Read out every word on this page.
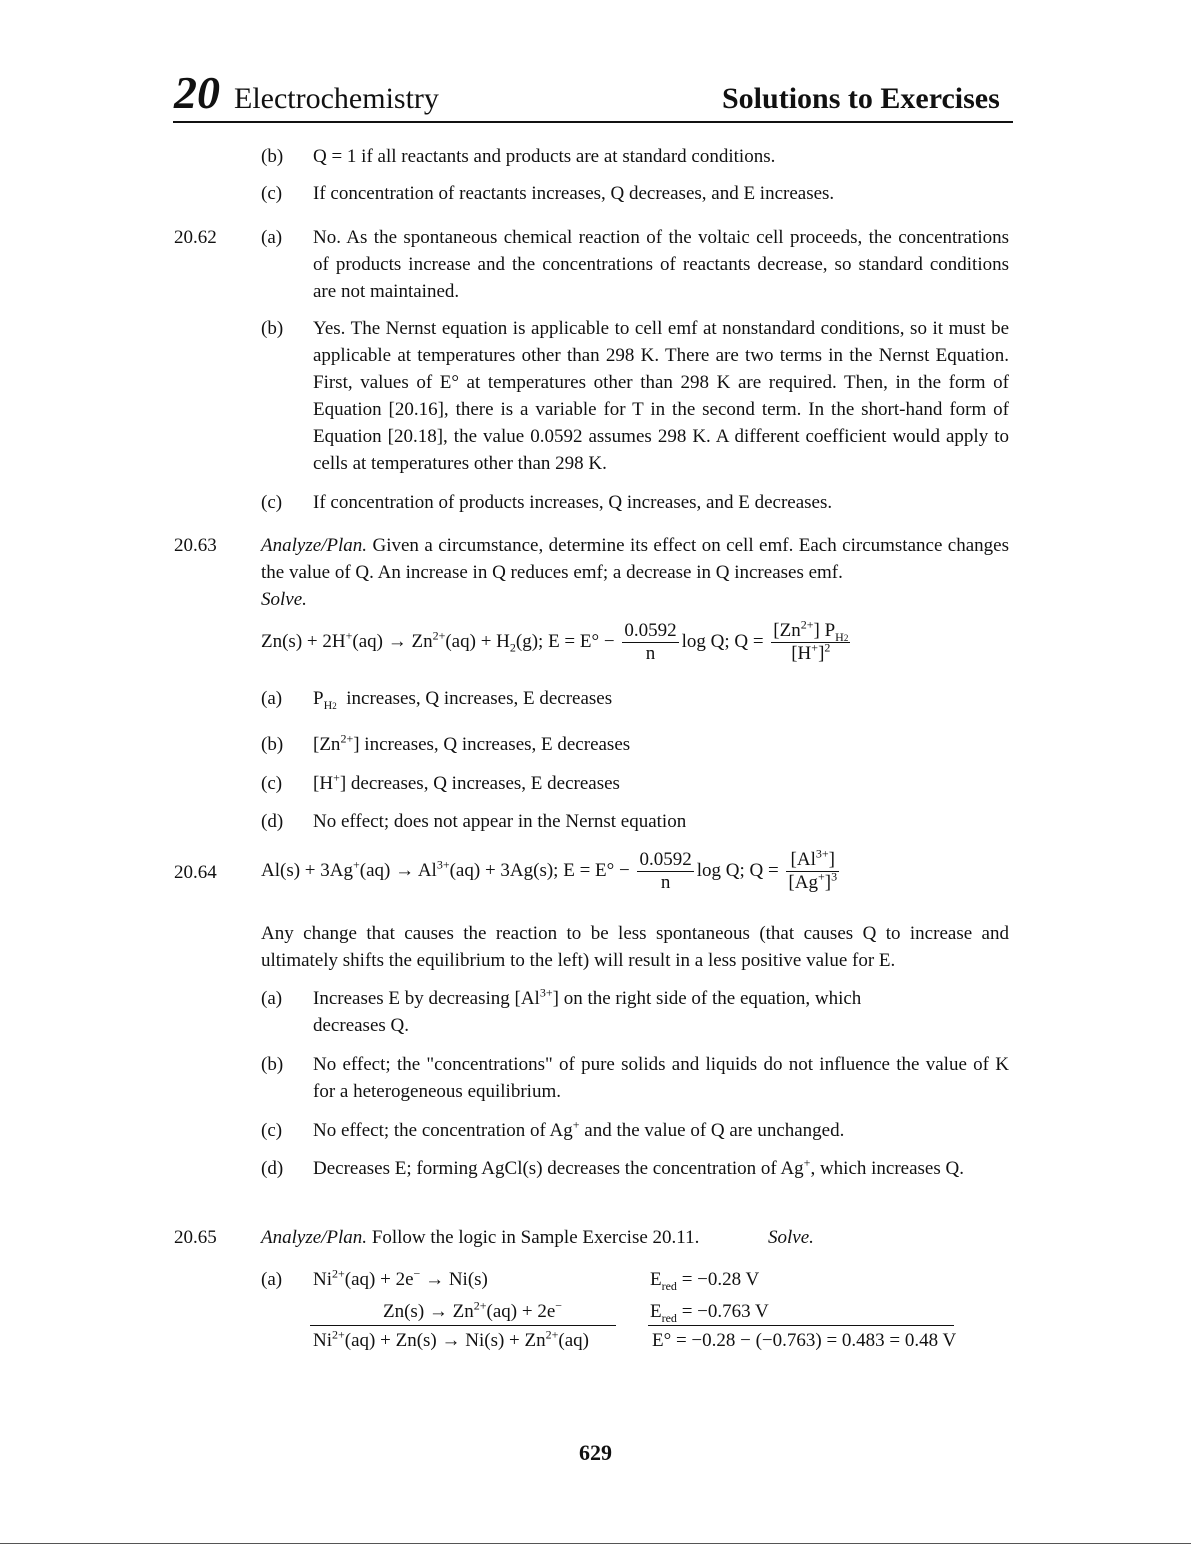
20 Electrochemistry	Solutions to Exercises
(b) Q = 1 if all reactants and products are at standard conditions.
(c) If concentration of reactants increases, Q decreases, and E increases.
20.62 (a) No. As the spontaneous chemical reaction of the voltaic cell proceeds, the concentrations of products increase and the concentrations of reactants decrease, so standard conditions are not maintained.
(b) Yes. The Nernst equation is applicable to cell emf at nonstandard conditions, so it must be applicable at temperatures other than 298 K. There are two terms in the Nernst Equation. First, values of E° at temperatures other than 298 K are required. Then, in the form of Equation [20.16], there is a variable for T in the second term. In the short-hand form of Equation [20.18], the value 0.0592 assumes 298 K. A different coefficient would apply to cells at temperatures other than 298 K.
(c) If concentration of products increases, Q increases, and E decreases.
20.63 Analyze/Plan. Given a circumstance, determine its effect on cell emf. Each circumstance changes the value of Q. An increase in Q reduces emf; a decrease in Q increases emf.
Solve.
$Zn(s) + 2H^+(aq) \to Zn^{2+}(aq) + H_2(g)$; $E = E^\circ - \frac{0.0592}{n}$ log Q; $Q = \frac{[Zn^{2+}] P_{H2}}{[H^+]^2}$
(a) $P_{H2}$ increases, Q increases, E decreases
(b) $[Zn^{2+}]$ increases, Q increases, E decreases
(c) [H+] decreases, Q increases, E decreases
(d) No effect; does not appear in the Nernst equation
20.64 $Al(s) + 3Ag^+(aq) \to Al^{3+}(aq) + 3Ag(s)$; $E = E^\circ - \frac{0.0592}{n}$ log Q; $Q = \frac{[Al^{3+}]}{[Ag^+]^3}$
Any change that causes the reaction to be less spontaneous (that causes Q to increase and ultimately shifts the equilibrium to the left) will result in a less positive value for E.
(a) Increases E by decreasing $[Al^{3+}]$ on the right side of the equation, which
decreases Q.
(b) No effect; the "concentrations" of pure solids and liquids do not influence the value of K for a heterogeneous equilibrium.
(c) No effect; the concentration of Ag+ and the value of Q are unchanged.
(d) Decreases E; forming AgCl(s) decreases the concentration of Ag+, which increases Q.
20.65 Analyze/Plan. Follow the logic in Sample Exercise 20.11.	Solve.
(a) $Ni^{2+}(aq) + 2e^- \to Ni(s)$	$E_{red} = -0.28$ V
$Zn(s) \to Zn^{2+}(aq) + 2e^-$	$E_{red} = -0.763$ V
$Ni^{2+}(aq) + Zn(s) \to Ni(s) + Zn^{2+}(aq)$	E° = −0.28 − (−0.763) = 0.483 = 0.48 V
629
